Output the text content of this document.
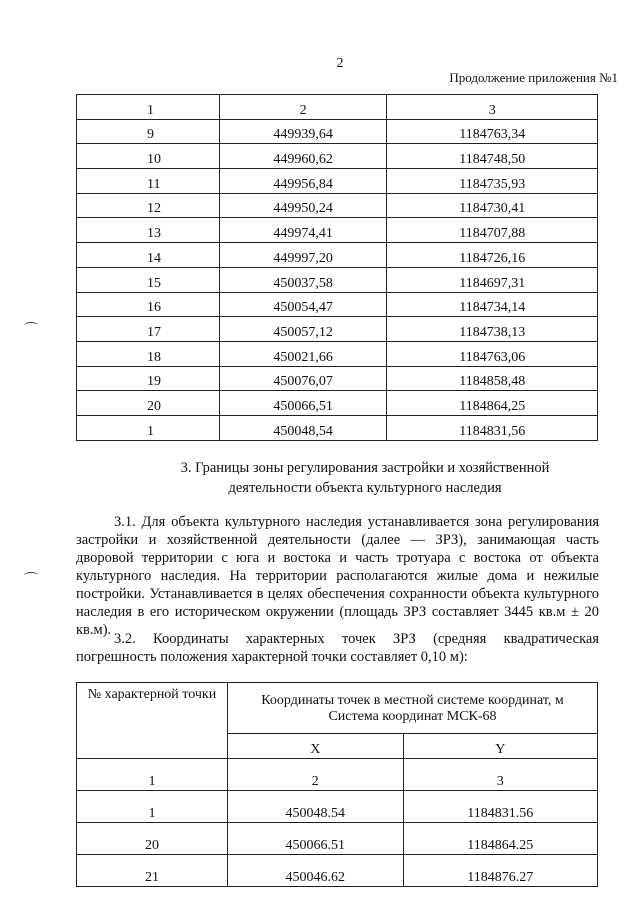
2
Продолжение приложения №1
1	2	3
9	449939,64	1184763,34
10	449960,62	1184748,50
11	449956,84	1184735,93
12	449950,24	1184730,41
13	449974,41	1184707,88
14	449997,20	1184726,16
15	450037,58	1184697,31
16	450054,47	1184734,14
17	450057,12	1184738,13
18	450021,66	1184763,06
19	450076,07	1184858,48
20	450066,51	1184864,25
1	450048,54	1184831,56
3. Границы зоны регулирования застройки и хозяйственной
деятельности объекта культурного наследия
3.1. Для объекта культурного наследия устанавливается зона регулирования застройки и хозяйственной деятельности (далее — ЗРЗ), занимающая часть дворовой территории с юга и востока и часть тротуара с востока от объекта культурного наследия. На территории располагаются жилые дома и нежилые постройки. Устанавливается в целях обеспечения сохранности объекта культурного наследия в его историческом окружении (площадь ЗРЗ составляет 3445 кв.м ± 20 кв.м).
3.2. Координаты характерных точек ЗРЗ (средняя квадратическая погрешность положения характерной точки составляет 0,10 м):
№ характерной точки	Координаты точек в местной системе координат, м
Система координат МСК-68	

	X	Y
1	2	3
1	450048.54	1184831.56
20	450066.51	1184864.25
21	450046.62	1184876.27
